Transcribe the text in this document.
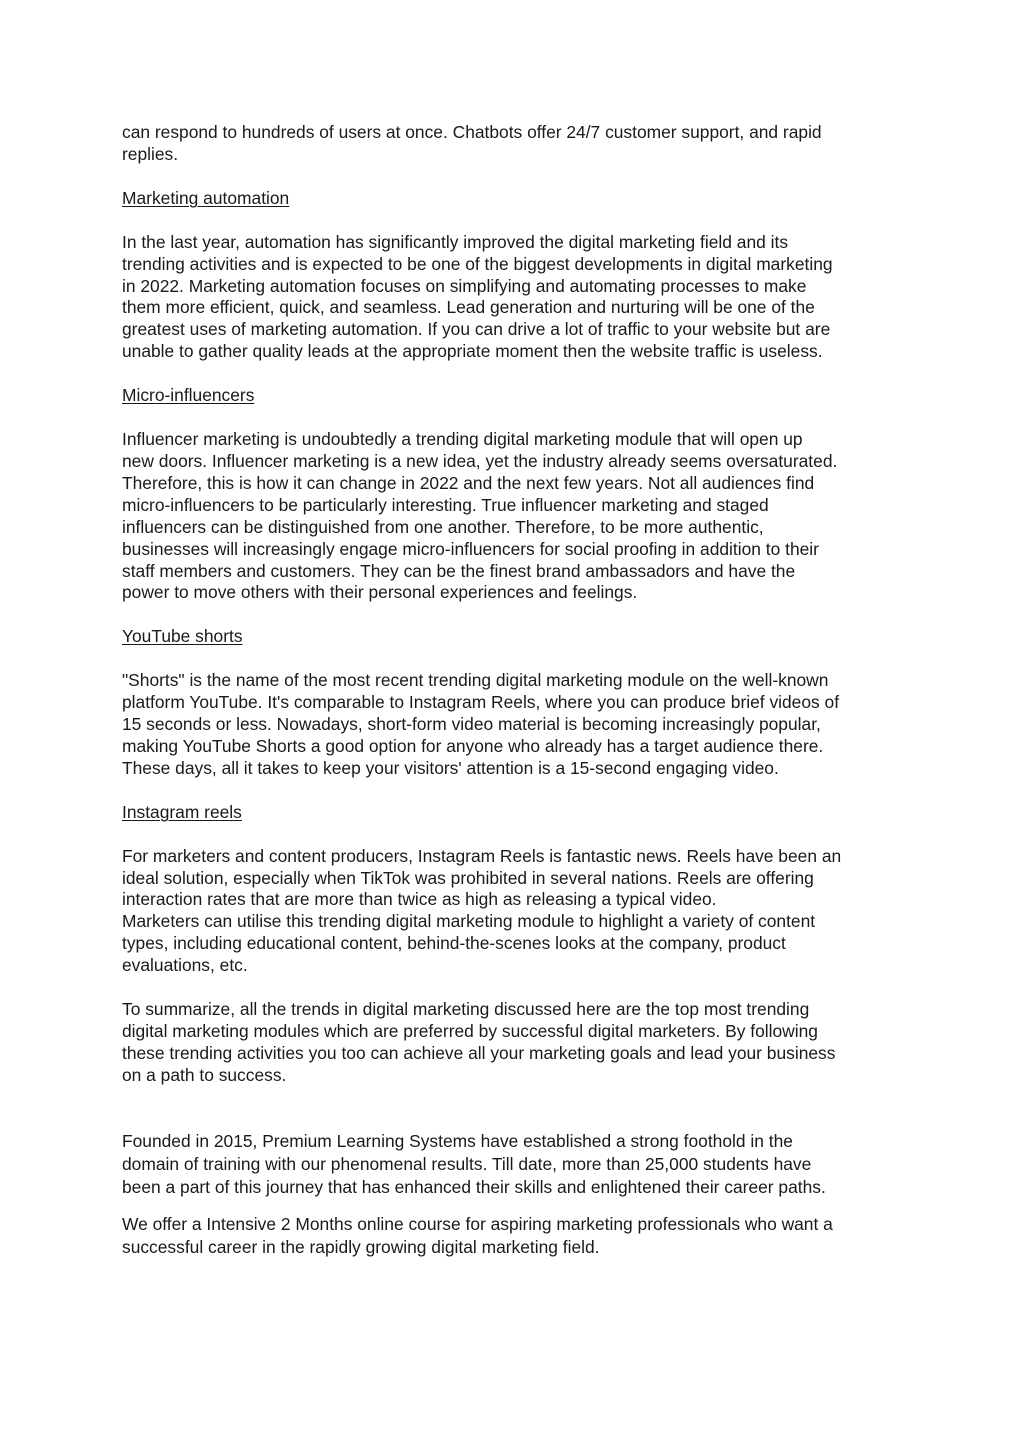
can respond to hundreds of users at once. Chatbots offer 24/7 customer support, and rapid
replies.

Marketing automation

In the last year, automation has significantly improved the digital marketing field and its
trending activities and is expected to be one of the biggest developments in digital marketing
in 2022. Marketing automation focuses on simplifying and automating processes to make
them more efficient, quick, and seamless. Lead generation and nurturing will be one of the
greatest uses of marketing automation. If you can drive a lot of traffic to your website but are
unable to gather quality leads at the appropriate moment then the website traffic is useless.

Micro-influencers

Influencer marketing is undoubtedly a trending digital marketing module that will open up
new doors. Influencer marketing is a new idea, yet the industry already seems oversaturated.
Therefore, this is how it can change in 2022 and the next few years. Not all audiences find
micro-influencers to be particularly interesting. True influencer marketing and staged
influencers can be distinguished from one another. Therefore, to be more authentic,
businesses will increasingly engage micro-influencers for social proofing in addition to their
staff members and customers. They can be the finest brand ambassadors and have the
power to move others with their personal experiences and feelings.

YouTube shorts

"Shorts" is the name of the most recent trending digital marketing module on the well-known
platform YouTube. It's comparable to Instagram Reels, where you can produce brief videos of
15 seconds or less. Nowadays, short-form video material is becoming increasingly popular,
making YouTube Shorts a good option for anyone who already has a target audience there.
These days, all it takes to keep your visitors' attention is a 15-second engaging video.

Instagram reels

For marketers and content producers, Instagram Reels is fantastic news. Reels have been an
ideal solution, especially when TikTok was prohibited in several nations. Reels are offering
interaction rates that are more than twice as high as releasing a typical video.
Marketers can utilise this trending digital marketing module to highlight a variety of content
types, including educational content, behind-the-scenes looks at the company, product
evaluations, etc.

To summarize, all the trends in digital marketing discussed here are the top most trending
digital marketing modules which are preferred by successful digital marketers. By following
these trending activities you too can achieve all your marketing goals and lead your business
on a path to success.

Founded in 2015, Premium Learning Systems have established a strong foothold in the
domain of training with our phenomenal results. Till date, more than 25,000 students have
been a part of this journey that has enhanced their skills and enlightened their career paths.

We offer a Intensive 2 Months online course for aspiring marketing professionals who want a
successful career in the rapidly growing digital marketing field.
